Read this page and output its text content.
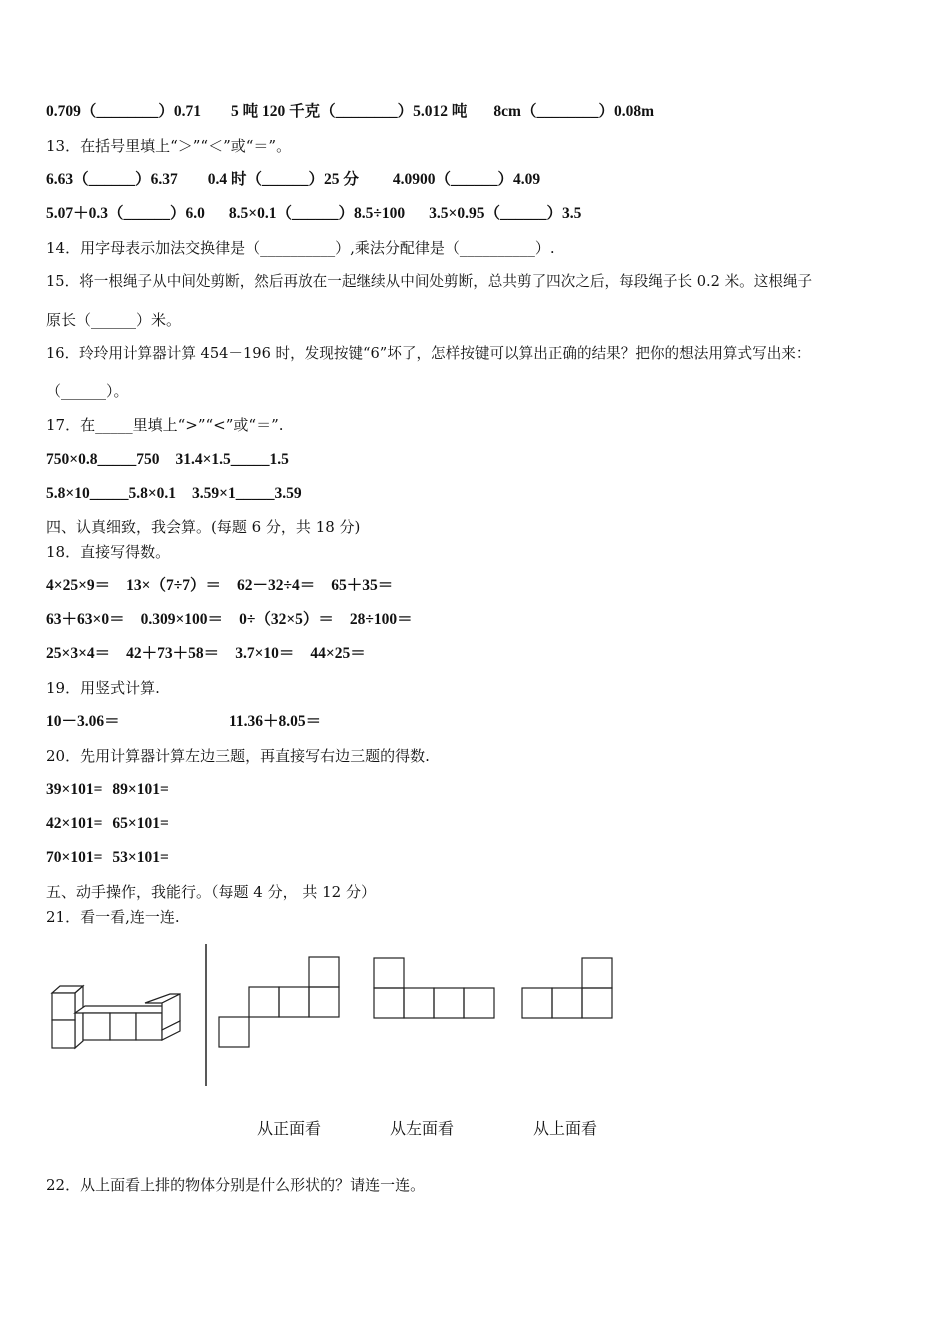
0.709（________）0.71 5 吨 120 千克（________）5.012 吨 8cm（________）0.08m
13．在括号里填上“＞”“＜”或“＝”。
6.63（______）6.37 0.4 时（______）25 分 4.0900（______）4.09
5.07＋0.3（______）6.0 8.5×0.1（______）8.5÷100 3.5×0.95（______）3.5
14．用字母表示加法交换律是（__________）,乘法分配律是（__________）.
15．将一根绳子从中间处剪断，然后再放在一起继续从中间处剪断，总共剪了四次之后，每段绳子长 0.2 米。这根绳子
原长（______）米。
16．玲玲用计算器计算 454－196 时，发现按键“6”坏了，怎样按键可以算出正确的结果？把你的想法用算式写出来：
（______）。
17．在_____里填上“>”“<”或“＝”.
750×0.8_____750 31.4×1.5_____1.5
5.8×10_____5.8×0.1 3.59×1_____3.59
四、认真细致，我会算。(每题 6 分，共 18 分)
18．直接写得数。
4×25×9＝ 13×（7÷7）＝ 62－32÷4＝ 65＋35＝
63＋63×0＝ 0.309×100＝ 0÷（32×5）＝ 28÷100＝
25×3×4＝ 42＋73＋58＝ 3.7×10＝ 44×25＝
19．用竖式计算.
10－3.06＝	11.36＋8.05＝
20．先用计算器计算左边三题，再直接写右边三题的得数.
39×101= 89×101=
42×101= 65×101=
70×101= 53×101=
五、动手操作，我能行。（每题 4 分， 共 12 分）
21．看一看,连一连.
从正面看	从左面看	从上面看
22．从上面看上排的物体分别是什么形状的？请连一连。
